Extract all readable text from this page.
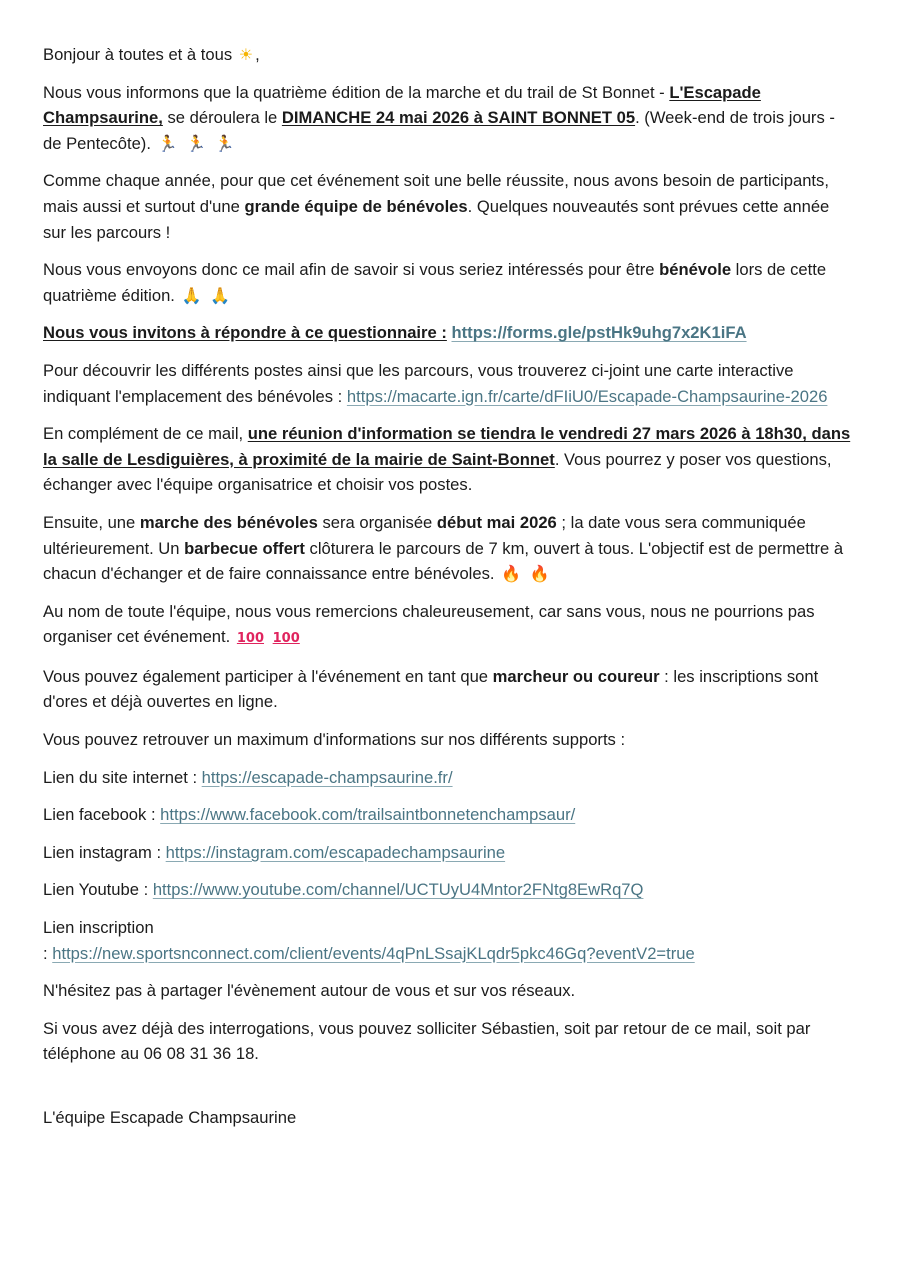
Bonjour à toutes et à tous ☀ ,

Nous vous informons que la quatrième édition de la marche et du trail de St Bonnet - L'Escapade Champsaurine, se déroulera le DIMANCHE 24 mai 2026 à SAINT BONNET 05. (Week-end de trois jours - de Pentecôte). 🏃 🏃 🏃

Comme chaque année, pour que cet événement soit une belle réussite, nous avons besoin de participants, mais aussi et surtout d'une grande équipe de bénévoles. Quelques nouveautés sont prévues cette année sur les parcours !

Nous vous envoyons donc ce mail afin de savoir si vous seriez intéressés pour être bénévole lors de cette quatrième édition. 🙏 🙏

Nous vous invitons à répondre à ce questionnaire : https://forms.gle/pstHk9uhg7x2K1iFA

Pour découvrir les différents postes ainsi que les parcours, vous trouverez ci-joint une carte interactive indiquant l'emplacement des bénévoles : https://macarte.ign.fr/carte/dFIiU0/Escapade-Champsaurine-2026

En complément de ce mail, une réunion d'information se tiendra le vendredi 27 mars 2026 à 18h30, dans la salle de Lesdiguières, à proximité de la mairie de Saint-Bonnet. Vous pourrez y poser vos questions, échanger avec l'équipe organisatrice et choisir vos postes.

Ensuite, une marche des bénévoles sera organisée début mai 2026 ; la date vous sera communiquée ultérieurement. Un barbecue offert clôturera le parcours de 7 km, ouvert à tous. L'objectif est de permettre à chacun d'échanger et de faire connaissance entre bénévoles. 🔥 🔥

Au nom de toute l'équipe, nous vous remercions chaleureusement, car sans vous, nous ne pourrions pas organiser cet événement. 100 100

Vous pouvez également participer à l'événement en tant que marcheur ou coureur : les inscriptions sont d'ores et déjà ouvertes en ligne.

Vous pouvez retrouver un maximum d'informations sur nos différents supports :

Lien du site internet : https://escapade-champsaurine.fr/

Lien facebook : https://www.facebook.com/trailsaintbonnetenchampsaur/

Lien instagram : https://instagram.com/escapadechampsaurine

Lien Youtube : https://www.youtube.com/channel/UCTUyU4Mntor2FNtg8EwRq7Q

Lien inscription
: https://new.sportsnconnect.com/client/events/4qPnLSsajKLqdr5pkc46Gq?eventV2=true

N'hésitez pas à partager l'évènement autour de vous et sur vos réseaux.

Si vous avez déjà des interrogations, vous pouvez solliciter Sébastien, soit par retour de ce mail, soit par téléphone au 06 08 31 36 18.

L'équipe Escapade Champsaurine
